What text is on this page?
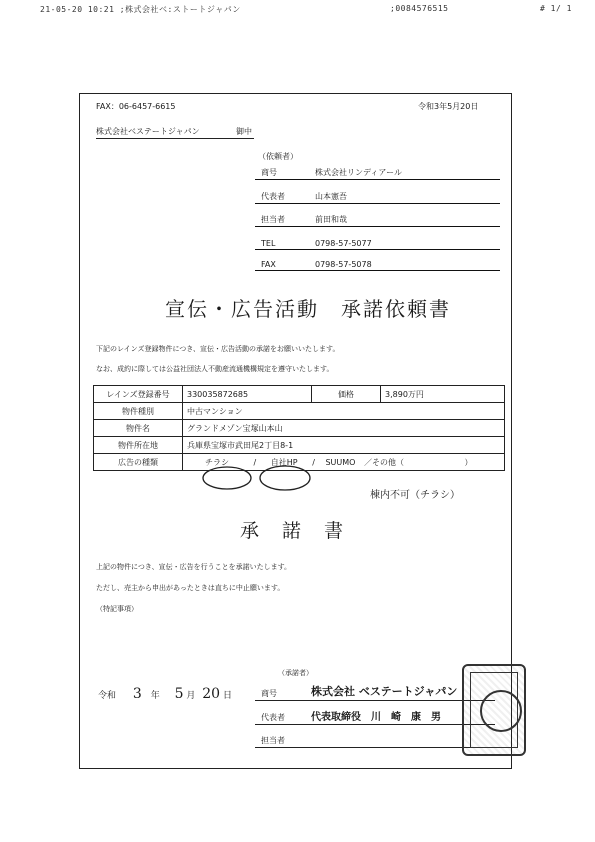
21-05-20 10:21 ;株式会社ベ:ストートジャパン	;0084576515	# 1/ 1
FAX：06-6457-6615	令和3年5月20日
株式会社ベステートジャパン	御中
（依頼者）
商号	株式会社リンディアール
代表者	山本憲吾
担当者	前田和哉
TEL	0798-57-5077
FAX	0798-57-5078
宣伝・広告活動　承諾依頼書
下記のレインズ登録物件につき、宣伝・広告活動の承諾をお願いいたします。
なお、成約に際しては公益社団法人不動産流通機構規定を遵守いたします。
レインズ登録番号	330035872685	価格	3,890万円
物件種別	中古マンション		
物件名	グランドメゾン宝塚山本山		
物件所在地	兵庫県宝塚市武田尾2丁目8-1		
広告の種類	チラシ / 自社HP / SUUMO ／その他（ ）		
棟内不可（チラシ）
承　諾　書
上記の物件につき、宣伝・広告を行うことを承諾いたします。
ただし、売主から申出があったときは直ちに中止願います。
（特記事項）
（承諾者）
令和 3 年 5 月 20 日	商号	株式会社 ベステートジャパン
代表者	代表取締役　川　崎　康　男
担当者
